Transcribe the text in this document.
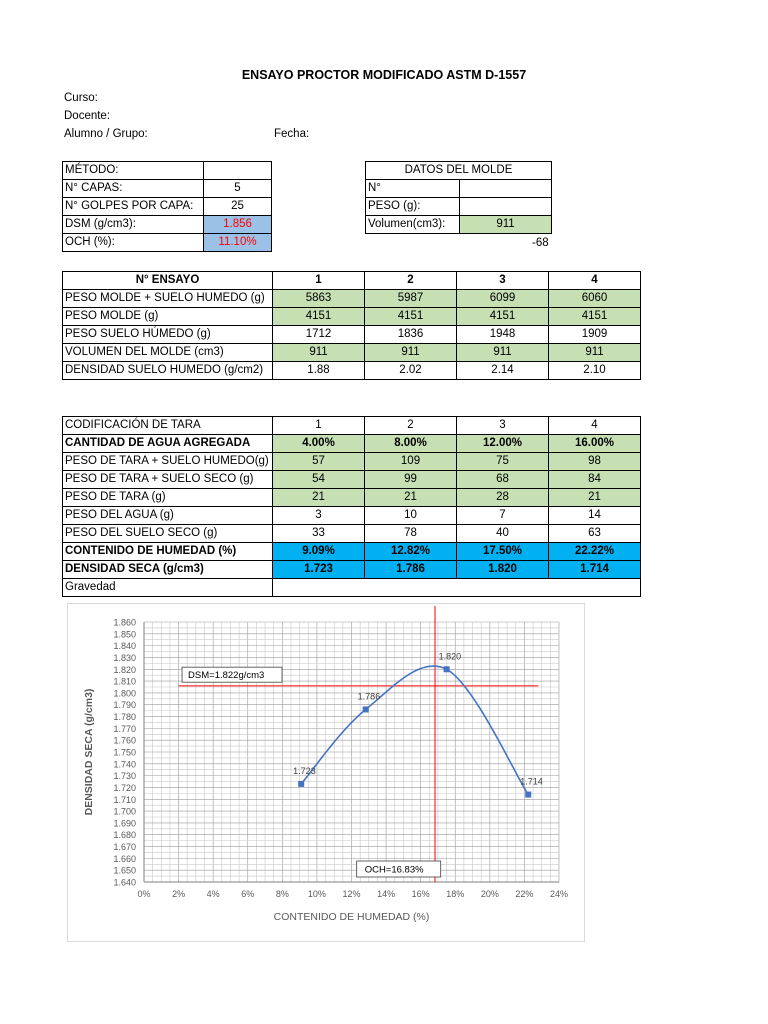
ENSAYO PROCTOR MODIFICADO ASTM D-1557
Curso:
Docente:
Alumno / Grupo:	Fecha:
MÉTODO:	
N° CAPAS:	5
N° GOLPES POR CAPA:	25
DSM (g/cm3):	1.856
OCH (%):	11.10%
DATOS DEL MOLDE	
N°	
PESO (g):	
Volumen(cm3):	911
-68
N° ENSAYO	1	2	3	4
PESO MOLDE + SUELO HUMEDO (g)	5863	5987	6099	6060
PESO MOLDE (g)	4151	4151	4151	4151
PESO SUELO HÚMEDO (g)	1712	1836	1948	1909
VOLUMEN DEL MOLDE (cm3)	911	911	911	911
DENSIDAD SUELO HUMEDO (g/cm2)	1.88	2.02	2.14	2.10
CODIFICACIÓN DE TARA	1	2	3	4
CANTIDAD DE AGUA AGREGADA	4.00%	8.00%	12.00%	16.00%
PESO DE TARA + SUELO HUMEDO(g)	57	109	75	98
PESO DE TARA + SUELO SECO (g)	54	99	68	84
PESO DE TARA (g)	21	21	28	21
PESO DEL AGUA (g)	3	10	7	14
PESO DEL SUELO SECO (g)	33	78	40	63
CONTENIDO DE HUMEDAD (%)	9.09%	12.82%	17.50%	22.22%
DENSIDAD SECA (g/cm3)	1.723	1.786	1.820	1.714
Gravedad				
1.640
1.650
1.660
1.670
1.680
1.690
1.700
1.710
1.720
1.730
1.740
1.750
1.760
1.770
1.780
1.790
1.800
1.810
1.820
1.830
1.840
1.850
1.860
0% 2% 4% 6% 8% 10% 12% 14% 16% 18% 20% 22% 24%
CONTENIDO DE HUMEDAD (%)
DENSIDAD SECA (g/cm3)	1.723
1.786
1.820
1.714
DSM=1.822g/cm3
OCH=16.83%
